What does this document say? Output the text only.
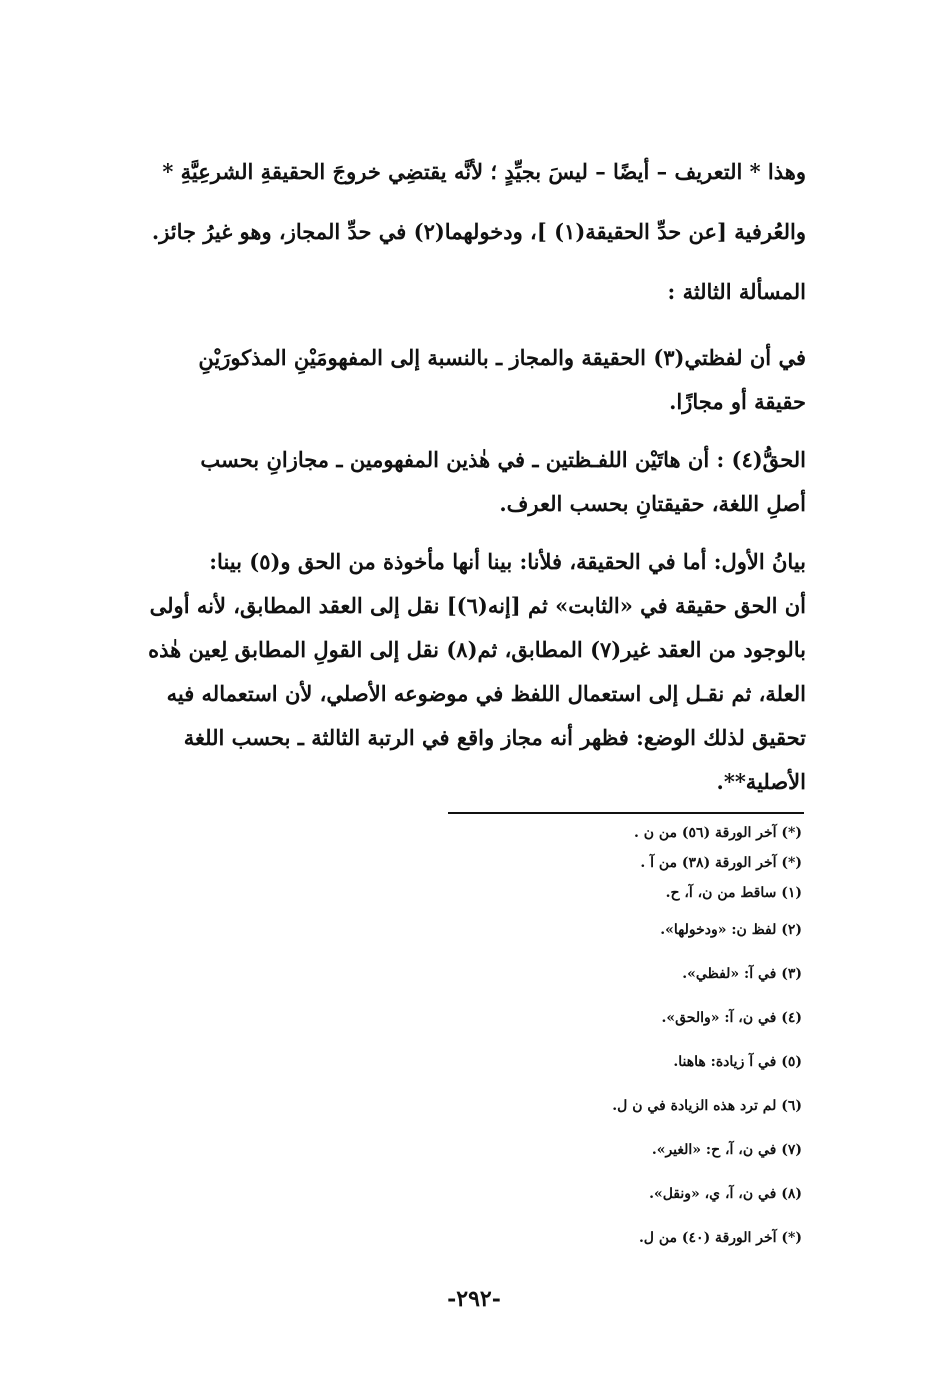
وهذا * التعريف – أيضًا – ليسَ بجيِّدٍ ؛ لأنَّه يقتضِي خروجَ الحقيقةِ الشرعِيَّةِ *

والعُرفية [عن حدِّ الحقيقة(١) ]، ودخولهما(٢) في حدِّ المجاز، وهو غيرُ جائز.

المسألة الثالثة :

في أن لفظتي(٣) الحقيقة والمجاز ـ بالنسبة إلى المفهومَيْنِ المذكورَيْنِ

حقيقة أو مجازًا.

الحقُّ(٤) : أن هاتَيْن اللفـظتين ـ في هٰذين المفهومين ـ مجازانِ بحسب

أصلِ اللغة، حقيقتانِ بحسب العرف.

بيانُ الأول: أما في الحقيقة، فلأنا: بينا أنها مأخوذة من الحق و(٥) بينا:

أن الحق حقيقة في «الثابت» ثم [إنه(٦)] نقل إلى العقد المطابق، لأنه أولى

بالوجود من العقد غير(٧) المطابق، ثم(٨) نقل إلى القولِ المطابق لِعين هٰذه

العلة، ثم نقـل إلى استعمال اللفظ في موضوعه الأصلي، لأن استعماله فيه

تحقيق لذلك الوضع: فظهر أنه مجاز واقع في الرتبة الثالثة ـ بحسب اللغة

الأصلية**.

(*) آخر الورقة (٥٦) من ن .

(*) آخر الورقة (٣٨) من آ .

(١) ساقط من ن، آ، ح.

(٢) لفظ ن: «ودخولها».

(٣) في آ: «لفظي».

(٤) في ن، آ: «والحق».

(٥) في آ زيادة: هاهنا.

(٦) لم ترد هذه الزيادة في ن ل.

(٧) في ن، آ، ح: «الغير».

(٨) في ن، آ، ي، «ونقل».

(*) آخر الورقة (٤٠) من ل.

-٢٩٢-
